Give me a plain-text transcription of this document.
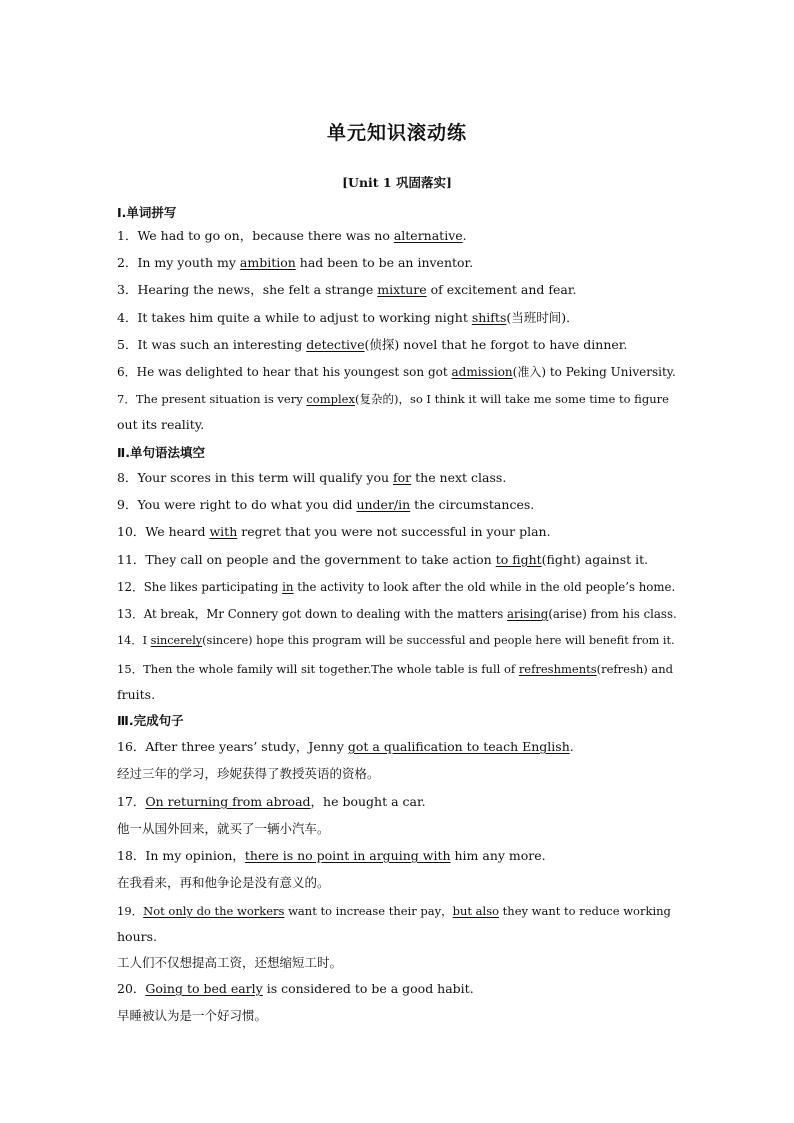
单元知识滚动练
[Unit 1 巩固落实]
Ⅰ.单词拼写
1．We had to go on，because there was no alternative.
2．In my youth my ambition had been to be an inventor.
3．Hearing the news，she felt a strange mixture of excitement and fear.
4．It takes him quite a while to adjust to working night shifts(当班时间)．
5．It was such an interesting detective(侦探) novel that he forgot to have dinner.
6．He was delighted to hear that his youngest son got admission(准入) to Peking University.
7．The present situation is very complex(复杂的)，so I think it will take me some time to figure
out its reality.
Ⅱ.单句语法填空
8．Your scores in this term will qualify you for the next class.
9．You were right to do what you did under/in the circumstances.
10．We heard with regret that you were not successful in your plan.
11．They call on people and the government to take action to fight(fight) against it.
12．She likes participating in the activity to look after the old while in the old people’s home.
13．At break，Mr Connery got down to dealing with the matters arising(arise) from his class.
14．I sincerely(sincere) hope this program will be successful and people here will benefit from it.
15．Then the whole family will sit together.The whole table is full of refreshments(refresh) and
fruits.
Ⅲ.完成句子
16．After three years’ study，Jenny got a qualification to teach English.
经过三年的学习，珍妮获得了教授英语的资格。
17．On returning from abroad，he bought a car.
他一从国外回来，就买了一辆小汽车。
18．In my opinion，there is no point in arguing with him any more.
在我看来，再和他争论是没有意义的。
19．Not only do the workers want to increase their pay，but also they want to reduce working
hours.
工人们不仅想提高工资，还想缩短工时。
20．Going to bed early is considered to be a good habit.
早睡被认为是一个好习惯。
